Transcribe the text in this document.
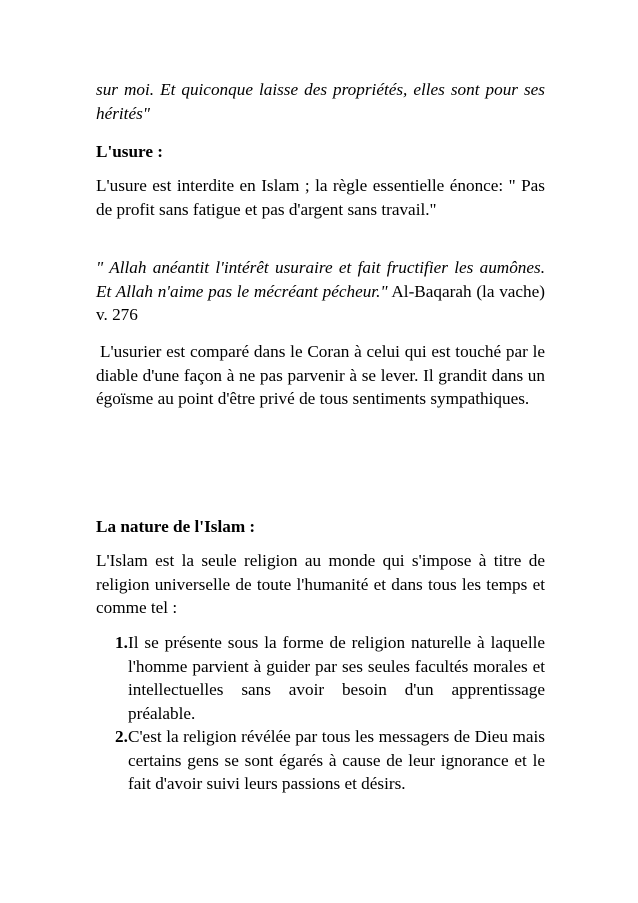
sur moi. Et quiconque laisse des propriétés, elles sont pour ses hérités"

L'usure :

L'usure est interdite en Islam ; la règle essentielle énonce: " Pas de profit sans fatigue et pas d'argent sans travail."

" Allah anéantit l'intérêt usuraire et fait fructifier les aumônes. Et Allah n'aime pas le mécréant pécheur." Al-Baqarah (la vache) v. 276

L'usurier est comparé dans le Coran à celui qui est touché par le diable d'une façon à ne pas parvenir à se lever. Il grandit dans un égoïsme au point d'être privé de tous sentiments sympathiques.

La nature de l'Islam :

L'Islam est la seule religion au monde qui s'impose à titre de religion universelle de toute l'humanité et dans tous les temps et comme tel :

1. Il se présente sous la forme de religion naturelle à laquelle l'homme parvient à guider par ses seules facultés morales et intellectuelles sans avoir besoin d'un apprentissage préalable.
2. C'est la religion révélée par tous les messagers de Dieu mais certains gens se sont égarés à cause de leur ignorance et le fait d'avoir suivi leurs passions et désirs.
